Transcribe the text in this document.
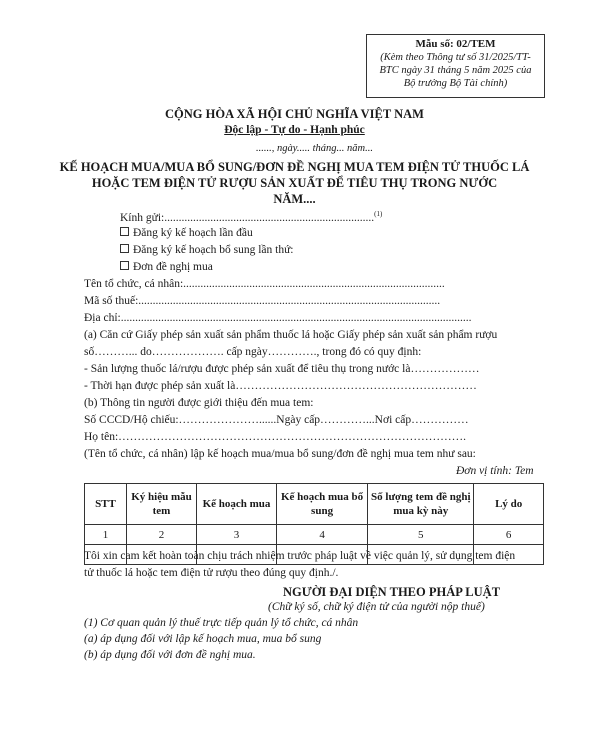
Mẫu số: 02/TEM
(Kèm theo Thông tư số 31/2025/TT-
BTC ngày 31 tháng 5 năm 2025 của
Bộ trưởng Bộ Tài chính)
CỘNG HÒA XÃ HỘI CHỦ NGHĨA VIỆT NAM
Độc lập - Tự do - Hạnh phúc
......, ngày..... tháng... năm...
KẾ HOẠCH MUA/MUA BỔ SUNG/ĐƠN ĐỀ NGHỊ MUA TEM ĐIỆN TỬ THUỐC LÁ
HOẶC TEM ĐIỆN TỬ RƯỢU SẢN XUẤT ĐỂ TIÊU THỤ TRONG NƯỚC
NĂM....
Kính gửi:.........................................................................$^{(1)}$
Đăng ký kế hoạch lần đầu
Đăng ký kế hoạch bổ sung lần thứ:
Đơn đề nghị mua
Tên tổ chức, cá nhân:...........................................................................................
Mã số thuế:.........................................................................................................
Địa chỉ:..........................................................................................................................
(a) Căn cứ Giấy phép sản xuất sản phẩm thuốc lá hoặc Giấy phép sản xuất sản phẩm rượu
số………... do………………. cấp ngày…………., trong đó có quy định:
- Sản lượng thuốc lá/rượu được phép sản xuất để tiêu thụ trong nước là………………
- Thời hạn được phép sản xuất là………………………………………………………
(b) Thông tin người được giới thiệu đến mua tem:
Số CCCD/Hộ chiếu:…………………......Ngày cấp…………...Nơi cấp……………
Họ tên:……………………………………………………………………………….
(Tên tổ chức, cá nhân) lập kế hoạch mua/mua bổ sung/đơn đề nghị mua tem như sau:
Đơn vị tính: Tem
STT	Ký hiệu mẫu tem	Kế hoạch mua	Kế hoạch mua bổ sung	Số lượng tem đề nghị mua kỳ này	Lý do
1	2	3	4	5	6

Tôi xin cam kết hoàn toàn chịu trách nhiệm trước pháp luật về việc quản lý, sử dụng tem điện
tử thuốc lá hoặc tem điện tử rượu theo đúng quy định./.
NGƯỜI ĐẠI DIỆN THEO PHÁP LUẬT
(Chữ ký số, chữ ký điện tử của người nộp thuế)
(1) Cơ quan quản lý thuế trực tiếp quản lý tổ chức, cá nhân
(a) áp dụng đối với lập kế hoạch mua, mua bổ sung
(b) áp dụng đối với đơn đề nghị mua.
